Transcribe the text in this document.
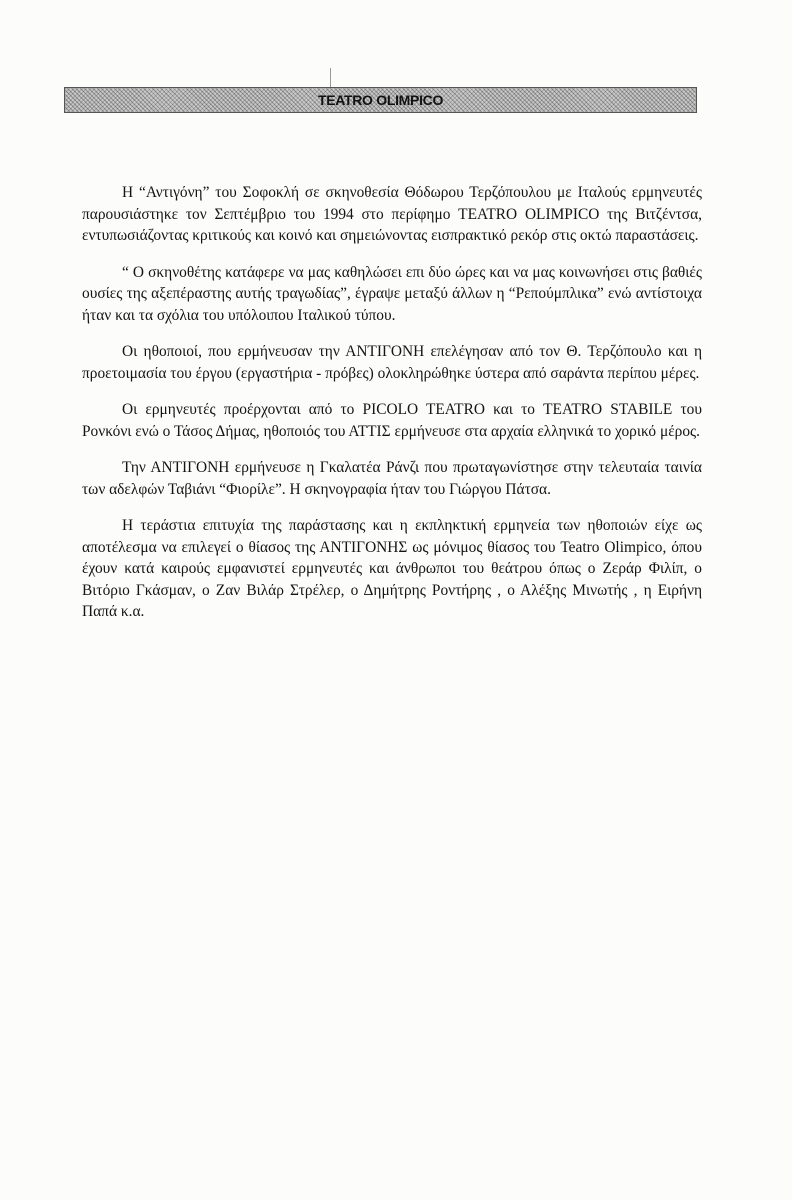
TEATRO OLIMPICO

Η “Αντιγόνη” του Σοφοκλή σε σκηνοθεσία Θόδωρου Τερζόπουλου με Ιταλούς ερμηνευτές παρουσιάστηκε τον Σεπτέμβριο του 1994 στο περίφημο TEATRO OLIMPICO της Βιτζέντσα, εντυπωσιάζοντας κριτικούς και κοινό και σημειώνοντας εισπρακτικό ρεκόρ στις οκτώ παραστάσεις.

“ Ο σκηνοθέτης κατάφερε να μας καθηλώσει επι δύο ώρες και να μας κοινωνήσει στις βαθιές ουσίες της αξεπέραστης αυτής τραγωδίας”, έγραψε μεταξύ άλλων η “Ρεπούμπλικα” ενώ αντίστοιχα ήταν και τα σχόλια του υπόλοιπου Ιταλικού τύπου.

Οι ηθοποιοί, που ερμήνευσαν την ΑΝΤΙΓΟΝΗ επελέγησαν από τον Θ. Τερζόπουλο και η προετοιμασία του έργου (εργαστήρια - πρόβες) ολοκληρώθηκε ύστερα από σαράντα περίπου μέρες.

Οι ερμηνευτές προέρχονται από το PICOLO TEATRO και το TEATRO STABILE του Ρονκόνι ενώ ο Τάσος Δήμας, ηθοποιός του ΑΤΤΙΣ ερμήνευσε στα αρχαία ελληνικά το χορικό μέρος.

Την ΑΝΤΙΓΟΝΗ ερμήνευσε η Γκαλατέα Ράνζι που πρωταγωνίστησε στην τελευταία ταινία των αδελφών Ταβιάνι “Φιορίλε”. Η σκηνογραφία ήταν του Γιώργου Πάτσα.

Η τεράστια επιτυχία της παράστασης και η εκπληκτική ερμηνεία των ηθοποιών είχε ως αποτέλεσμα να επιλεγεί ο θίασος της ΑΝΤΙΓΟΝΗΣ ως μόνιμος θίασος του Teatro Olimpico, όπου έχουν κατά καιρούς εμφανιστεί ερμηνευτές και άνθρωποι του θεάτρου όπως ο Ζεράρ Φιλίπ, ο Βιτόριο Γκάσμαν, ο Ζαν Βιλάρ Στρέλερ, ο Δημήτρης Ροντήρης , ο Αλέξης Μινωτής , η Ειρήνη Παπά κ.α.
